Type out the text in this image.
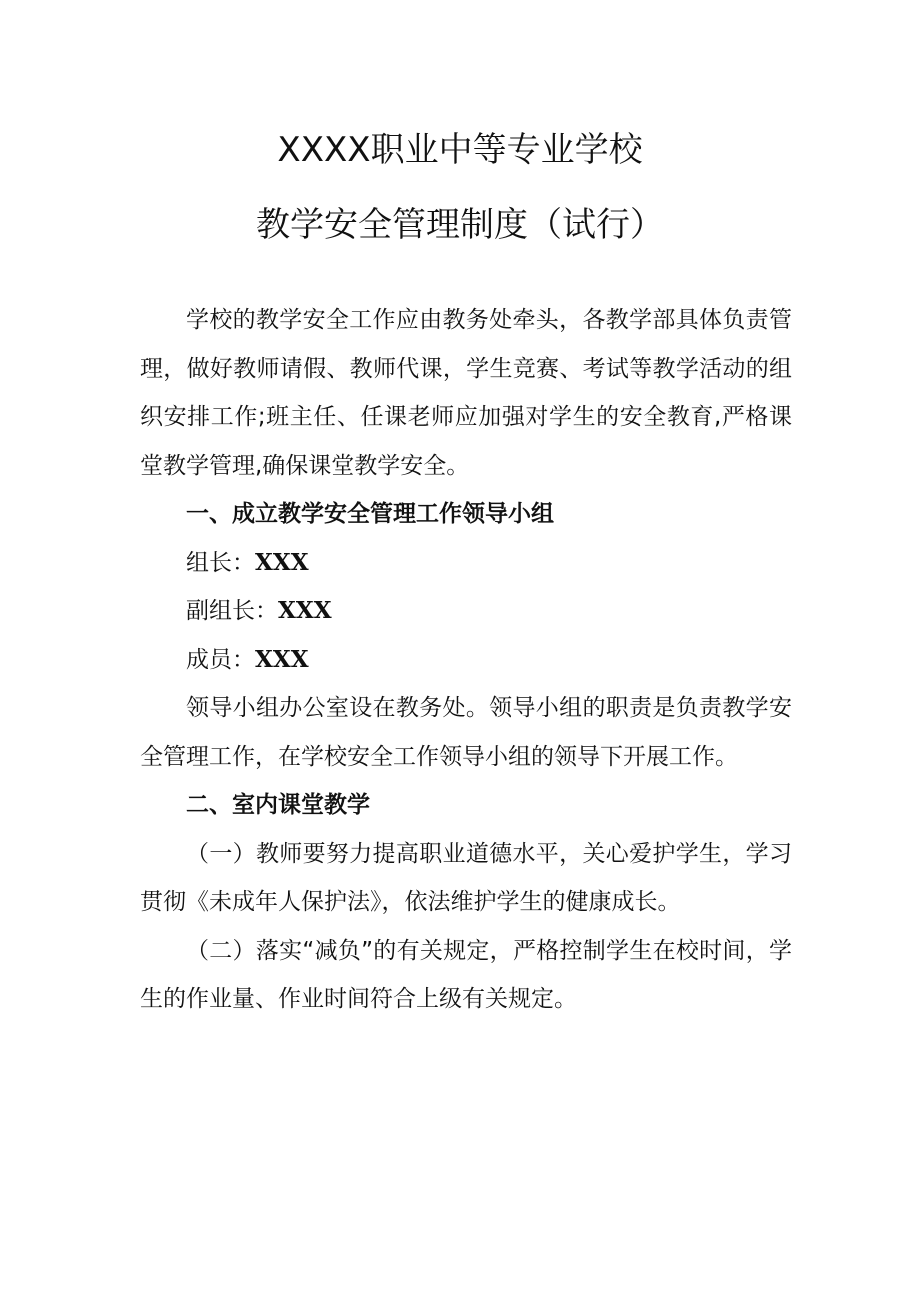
XXXX职业中等专业学校
教学安全管理制度（试行）

学校的教学安全工作应由教务处牵头，各教学部具体负责管理，做好教师请假、教师代课，学生竞赛、考试等教学活动的组织安排工作;班主任、任课老师应加强对学生的安全教育,严格课堂教学管理,确保课堂教学安全。

一、成立教学安全管理工作领导小组

组长：XXX

副组长：XXX

成员：XXX

领导小组办公室设在教务处。领导小组的职责是负责教学安全管理工作，在学校安全工作领导小组的领导下开展工作。

二、室内课堂教学

（一）教师要努力提高职业道德水平，关心爱护学生，学习贯彻《未成年人保护法》，依法维护学生的健康成长。

（二）落实“减负”的有关规定，严格控制学生在校时间，学生的作业量、作业时间符合上级有关规定。
